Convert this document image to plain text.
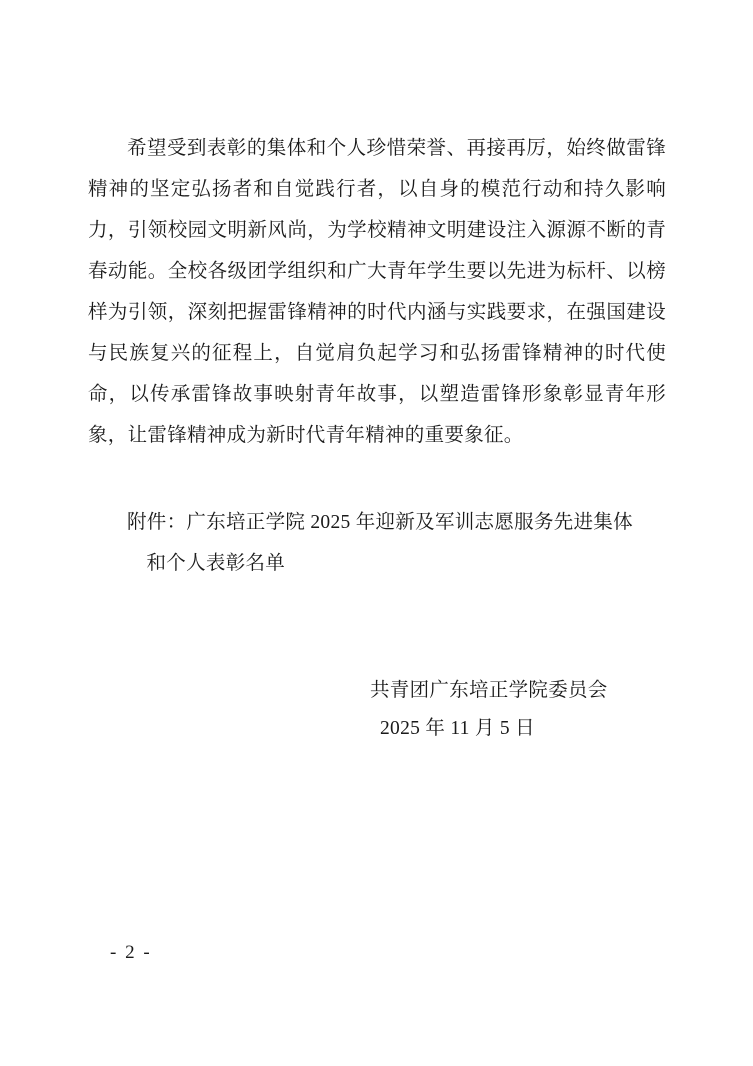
希望受到表彰的集体和个人珍惜荣誉、再接再厉，始终做雷锋精神的坚定弘扬者和自觉践行者，以自身的模范行动和持久影响力，引领校园文明新风尚，为学校精神文明建设注入源源不断的青春动能。全校各级团学组织和广大青年学生要以先进为标杆、以榜样为引领，深刻把握雷锋精神的时代内涵与实践要求，在强国建设与民族复兴的征程上，自觉肩负起学习和弘扬雷锋精神的时代使命，以传承雷锋故事映射青年故事，以塑造雷锋形象彰显青年形象，让雷锋精神成为新时代青年精神的重要象征。

附件：广东培正学院 2025 年迎新及军训志愿服务先进集体

和个人表彰名单

共青团广东培正学院委员会

2025 年 11 月 5 日

- 2 -
